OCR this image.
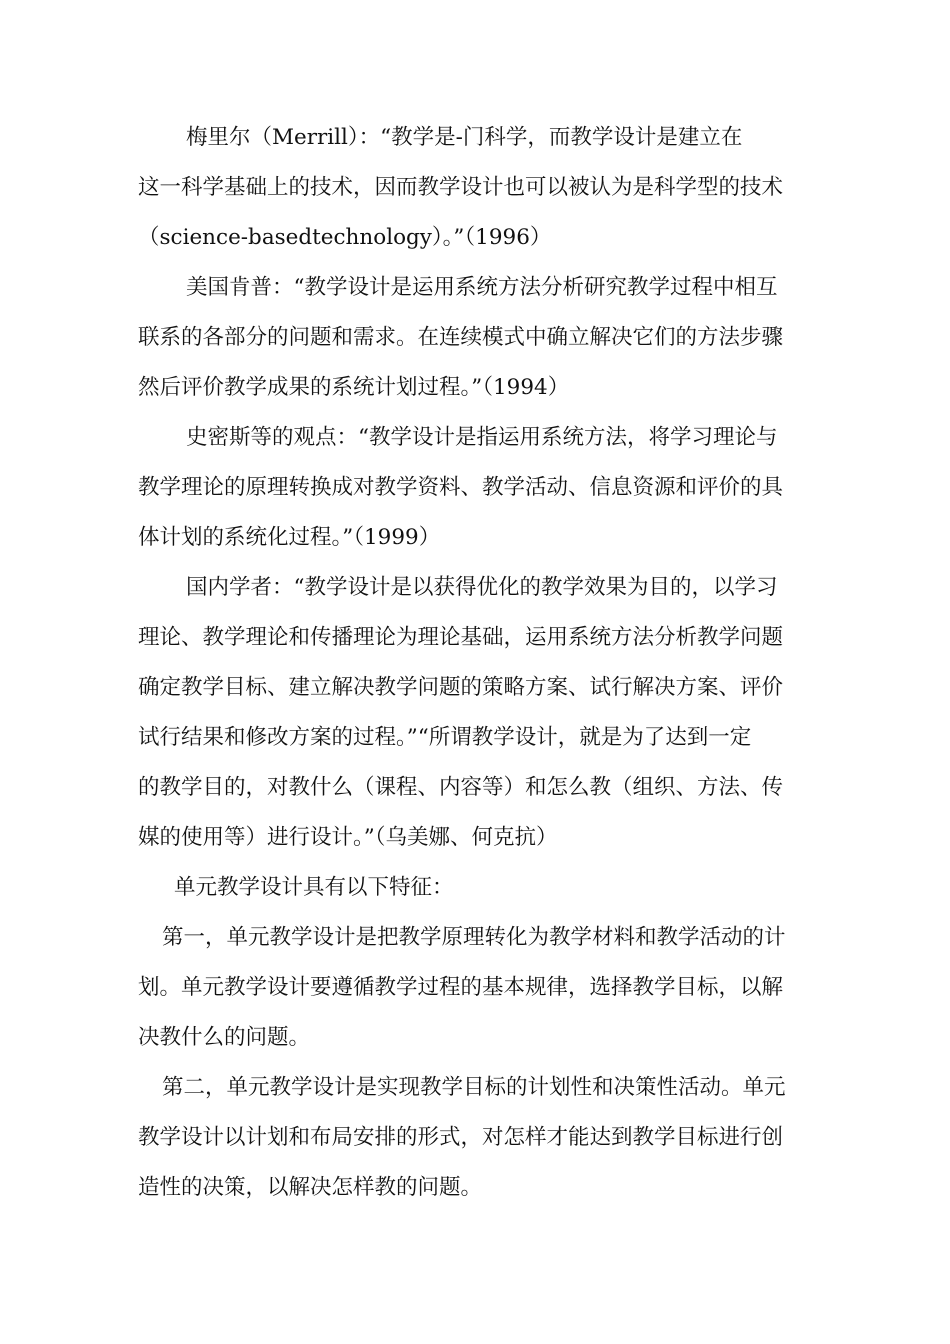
梅里尔（Merrill）：“教学是-门科学，而教学设计是建立在
这一科学基础上的技术，因而教学设计也可以被认为是科学型的技术
（science-basedtechnology）。”（1996）
美国肯普：“教学设计是运用系统方法分析研究教学过程中相互
联系的各部分的问题和需求。在连续模式中确立解决它们的方法步骤
然后评价教学成果的系统计划过程。”（1994）
史密斯等的观点：“教学设计是指运用系统方法，将学习理论与
教学理论的原理转换成对教学资料、教学活动、信息资源和评价的具
体计划的系统化过程。”（1999）
国内学者：“教学设计是以获得优化的教学效果为目的，以学习
理论、教学理论和传播理论为理论基础，运用系统方法分析教学问题
确定教学目标、建立解决教学问题的策略方案、试行解决方案、评价
试行结果和修改方案的过程。”“所谓教学设计，就是为了达到一定
的教学目的，对教什么（课程、内容等）和怎么教（组织、方法、传
媒的使用等）进行设计。”（乌美娜、何克抗）
单元教学设计具有以下特征：
第一，单元教学设计是把教学原理转化为教学材料和教学活动的计
划。单元教学设计要遵循教学过程的基本规律，选择教学目标，以解
决教什么的问题。
第二，单元教学设计是实现教学目标的计划性和决策性活动。单元
教学设计以计划和布局安排的形式，对怎样才能达到教学目标进行创
造性的决策，以解决怎样教的问题。
